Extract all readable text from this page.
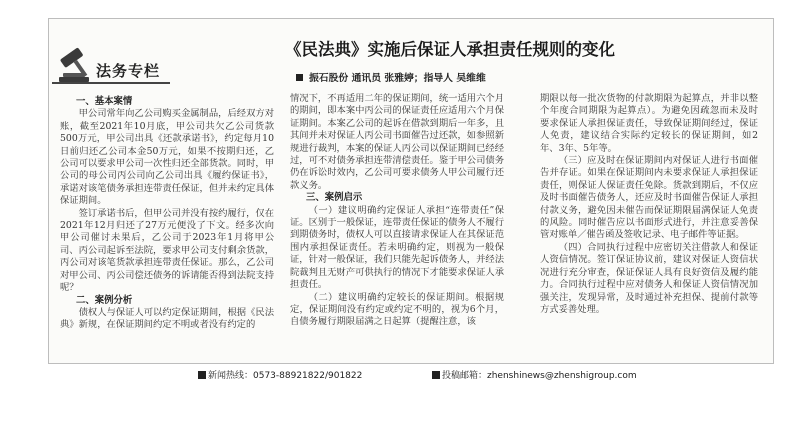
法务专栏
《民法典》实施后保证人承担责任规则的变化
振石股份 通讯员 张雅婷；指导人 吴维维
一、基本案情

甲公司常年向乙公司购买金属制品，后经双方对账，截至2021年10月底，甲公司共欠乙公司货款500万元，甲公司出具《还款承诺书》，约定每月10日前归还乙公司本金50万元，如果不按期归还，乙公司可以要求甲公司一次性归还全部货款。同时，甲公司的母公司丙公司向乙公司出具《履约保证书》，承诺对该笔债务承担连带责任保证，但并未约定具体保证期间。

签订承诺书后，但甲公司并没有按约履行，仅在2021年12月归还了27万元便没了下文。经多次向甲公司催讨未果后，乙公司于2023年1月将甲公司、丙公司起诉至法院，要求甲公司支付剩余货款，丙公司对该笔货款承担连带责任保证。那么，乙公司对甲公司、丙公司偿还债务的诉请能否得到法院支持呢？

二、案例分析

债权人与保证人可以约定保证期间，根据《民法典》新规，在保证期间约定不明或者没有约定的

情况下，不再适用二年的保证期间，统一适用六个月的期间，即本案中丙公司的保证责任应适用六个月保证期间。本案乙公司的起诉在借款到期后一年多，且其间并未对保证人丙公司书面催告过还款，如参照新规进行裁判，本案的保证人丙公司以保证期间已经经过，可不对债务承担连带清偿责任。鉴于甲公司债务仍在诉讼时效内，乙公司可要求债务人甲公司履行还款义务。

三、案例启示

（一）建议明确约定保证人承担“连带责任”保证。区别于一般保证，连带责任保证的债务人不履行到期债务时，债权人可以直接请求保证人在其保证范围内承担保证责任。若未明确约定，则视为一般保证，针对一般保证，我们只能先起诉债务人，并经法院裁判且无财产可供执行的情况下才能要求保证人承担责任。

（二）建议明确约定较长的保证期间。根据规定，保证期间没有约定或约定不明的，视为6个月，自债务履行期限届满之日起算（提醒注意，该

期限以每一批次货物的付款期限为起算点，并非以整个年度合同期限为起算点）。为避免因疏忽而未及时要求保证人承担保证责任，导致保证期间经过，保证人免责，建议结合实际约定较长的保证期间，如2年、3年、5年等。

（三）应及时在保证期间内对保证人进行书面催告并存证。如果在保证期间内未要求保证人承担保证责任，则保证人保证责任免除。货款到期后，不仅应及时书面催告债务人，还应及时书面催告保证人承担付款义务，避免因未催告而保证期限届满保证人免责的风险。同时催告应以书面形式进行，并注意妥善保管对账单／催告函及签收记录、电子邮件等证据。

（四）合同执行过程中应密切关注借款人和保证人资信情况。签订保证协议前，建议对保证人资信状况进行充分审查，保证保证人具有良好资信及履约能力。合同执行过程中应对债务人和保证人资信情况加强关注，发现异常，及时通过补充担保、提前付款等方式妥善处理。

新闻热线：0573-88921822/901822	投稿邮箱：zhenshinews@zhenshigroup.com
